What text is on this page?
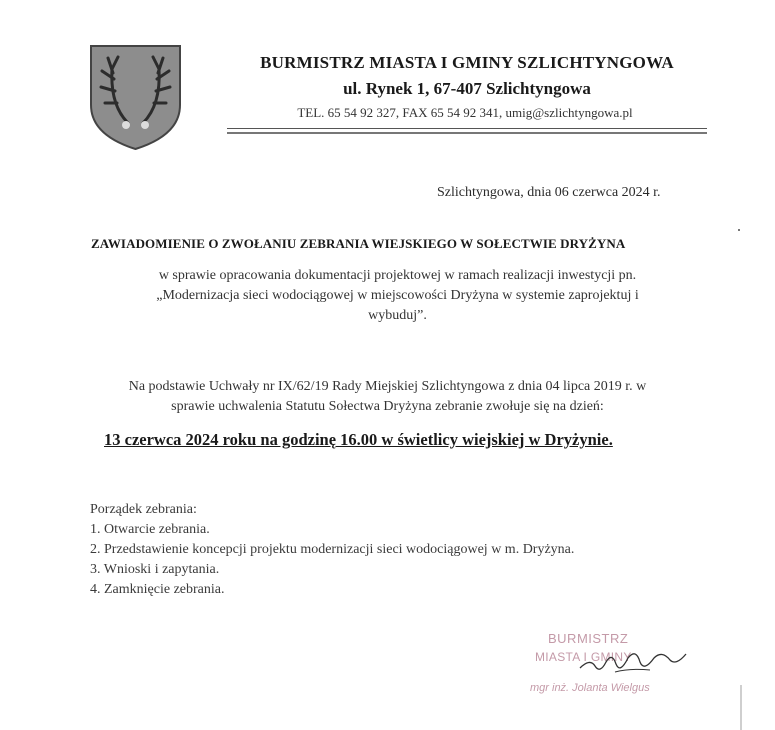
BURMISTRZ MIASTA I GMINY SZLICHTYNGOWA
ul. Rynek 1, 67-407 Szlichtyngowa
TEL. 65 54 92 327, FAX 65 54 92 341, umig@szlichtyngowa.pl
Szlichtyngowa, dnia 06 czerwca 2024 r.
ZAWIADOMIENIE O ZWOŁANIU ZEBRANIA WIEJSKIEGO W SOŁECTWIE DRYŻYNA
w sprawie opracowania dokumentacji projektowej w ramach realizacji inwestycji pn.
„Modernizacja sieci wodociągowej w miejscowości Dryżyna w systemie zaprojektuj i
wybuduj”.
Na podstawie Uchwały nr IX/62/19 Rady Miejskiej Szlichtyngowa z dnia 04 lipca 2019 r. w
sprawie uchwalenia Statutu Sołectwa Dryżyna zebranie zwołuje się na dzień:
13 czerwca 2024 roku na godzinę 16.00 w świetlicy wiejskiej w Dryżynie.
Porządek zebrania:
1. Otwarcie zebrania.
2. Przedstawienie koncepcji projektu modernizacji sieci wodociągowej w m. Dryżyna.
3. Wnioski i zapytania.
4. Zamknięcie zebrania.
BURMISTRZ
MIASTA I GMINY
mgr inż. Jolanta Wielgus
